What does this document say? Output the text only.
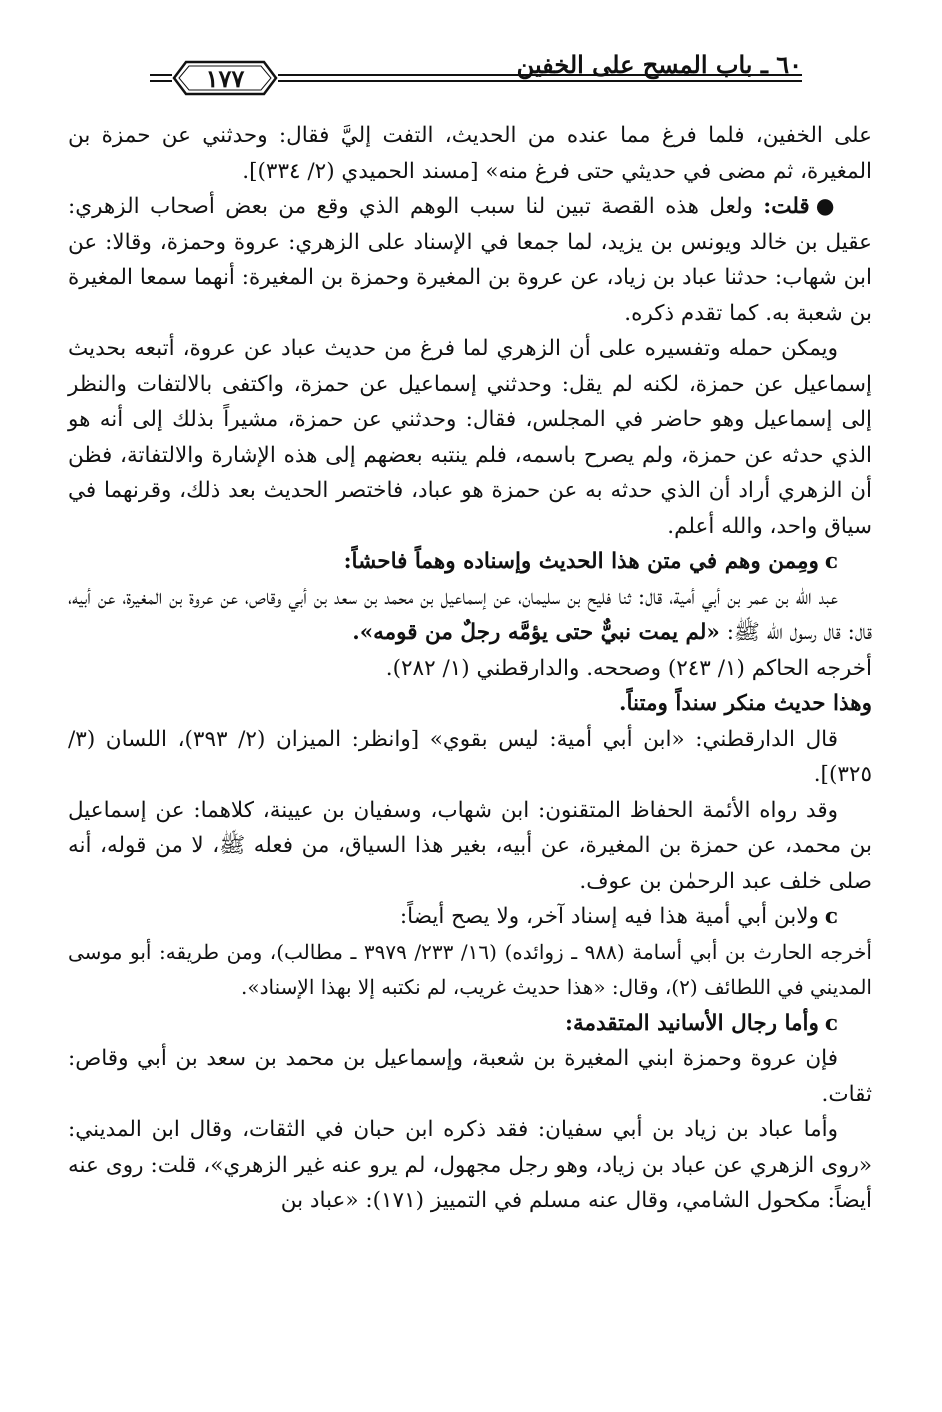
٦٠ ـ باب المسح على الخفين
١٧٧

على الخفين، فلما فرغ مما عنده من الحديث، التفت إليَّ فقال: وحدثني عن حمزة بن المغيرة، ثم مضى في حديثي حتى فرغ منه» [مسند الحميدي (٢/ ٣٣٤)].

●قلت: ولعل هذه القصة تبين لنا سبب الوهم الذي وقع من بعض أصحاب الزهري: عقيل بن خالد ويونس بن يزيد، لما جمعا في الإسناد على الزهري: عروة وحمزة، وقالا: عن ابن شهاب: حدثنا عباد بن زياد، عن عروة بن المغيرة وحمزة بن المغيرة: أنهما سمعا المغيرة بن شعبة به. كما تقدم ذكره.

ويمكن حمله وتفسيره على أن الزهري لما فرغ من حديث عباد عن عروة، أتبعه بحديث إسماعيل عن حمزة، لكنه لم يقل: وحدثني إسماعيل عن حمزة، واكتفى بالالتفات والنظر إلى إسماعيل وهو حاضر في المجلس، فقال: وحدثني عن حمزة، مشيراً بذلك إلى أنه هو الذي حدثه عن حمزة، ولم يصرح باسمه، فلم ينتبه بعضهم إلى هذه الإشارة والالتفاتة، فظن أن الزهري أراد أن الذي حدثه به عن حمزة هو عباد، فاختصر الحديث بعد ذلك، وقرنهما في سياق واحد، والله أعلم.

ᴄومِمن وهم في متن هذا الحديث وإسناده وهماً فاحشاً:

عبد الله بن عمر بن أبي أمية، قال: ثنا فليح بن سليمان، عن إسماعيل بن محمد بن سعد بن أبي وقاص، عن عروة بن المغيرة، عن أبيه، قال: قال رسول الله ﷺ: «لم يمت نبيٌّ حتى يؤمَّه رجلٌ من قومه».

أخرجه الحاكم (١/ ٢٤٣) وصححه. والدارقطني (١/ ٢٨٢).

وهذا حديث منكر سنداً ومتناً.

قال الدارقطني: «ابن أبي أمية: ليس بقوي» [وانظر: الميزان (٢/ ٣٩٣)، اللسان (٣/ ٣٢٥)].

وقد رواه الأئمة الحفاظ المتقنون: ابن شهاب، وسفيان بن عيينة، كلاهما: عن إسماعيل بن محمد، عن حمزة بن المغيرة، عن أبيه، بغير هذا السياق، من فعله ﷺ، لا من قوله، أنه صلى خلف عبد الرحمٰن بن عوف.

ᴄولابن أبي أمية هذا فيه إسناد آخر، ولا يصح أيضاً:

أخرجه الحارث بن أبي أسامة (٩٨٨ ـ زوائده) (١٦/ ٢٣٣/ ٣٩٧٩ ـ مطالب)، ومن طريقه: أبو موسى المديني في اللطائف (٢)، وقال: «هذا حديث غريب، لم نكتبه إلا بهذا الإسناد».

ᴄوأما رجال الأسانيد المتقدمة:

فإن عروة وحمزة ابني المغيرة بن شعبة، وإسماعيل بن محمد بن سعد بن أبي وقاص: ثقات.

وأما عباد بن زياد بن أبي سفيان: فقد ذكره ابن حبان في الثقات، وقال ابن المديني: «روى الزهري عن عباد بن زياد، وهو رجل مجهول، لم يرو عنه غير الزهري»، قلت: روى عنه أيضاً: مكحول الشامي، وقال عنه مسلم في التمييز (١٧١): «عباد بن
